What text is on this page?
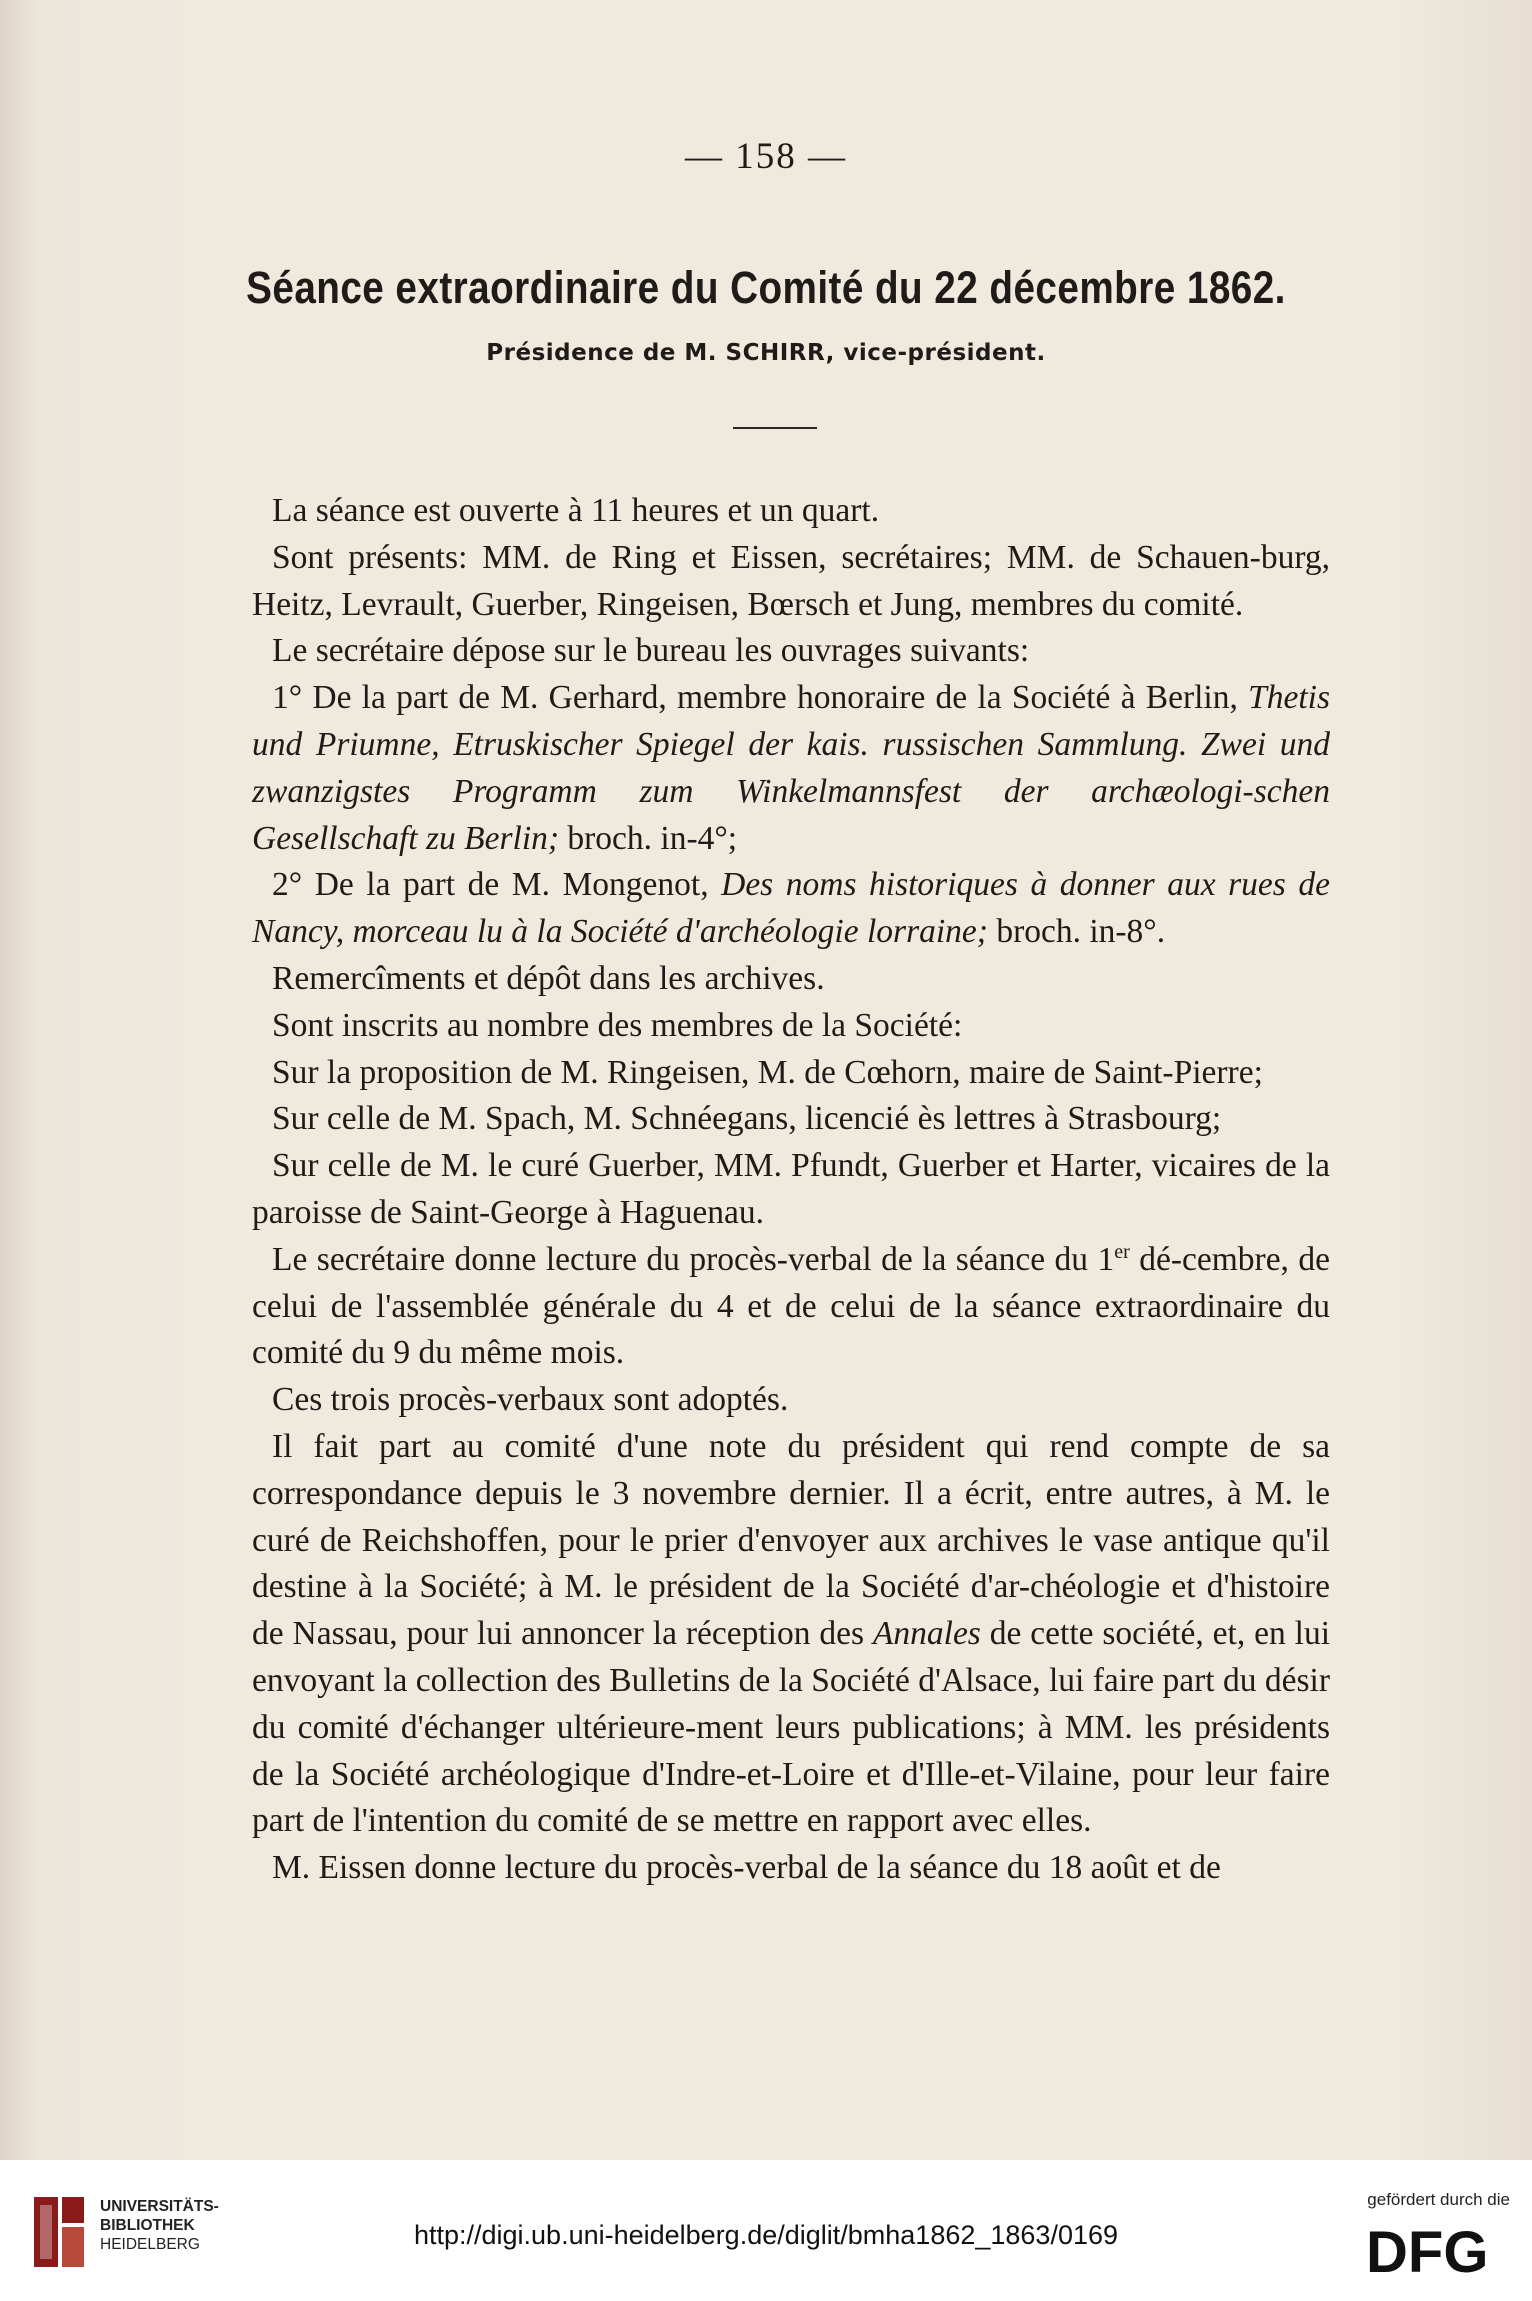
— 158 —
Séance extraordinaire du Comité du 22 décembre 1862.
Présidence de M. SCHIRR, vice-président.

La séance est ouverte à 11 heures et un quart.

Sont présents: MM. de Ring et Eissen, secrétaires; MM. de Schauen-burg, Heitz, Levrault, Guerber, Ringeisen, Bœrsch et Jung, membres du comité.

Le secrétaire dépose sur le bureau les ouvrages suivants:

1° De la part de M. Gerhard, membre honoraire de la Société à Berlin, Thetis und Priumne, Etruskischer Spiegel der kais. russischen Sammlung. Zwei und zwanzigstes Programm zum Winkelmannsfest der archæologi-schen Gesellschaft zu Berlin; broch. in-4°;

2° De la part de M. Mongenot, Des noms historiques à donner aux rues de Nancy, morceau lu à la Société d'archéologie lorraine; broch. in-8°.

Remercîments et dépôt dans les archives.

Sont inscrits au nombre des membres de la Société:

Sur la proposition de M. Ringeisen, M. de Cœhorn, maire de Saint-Pierre;

Sur celle de M. Spach, M. Schnéegans, licencié ès lettres à Strasbourg;

Sur celle de M. le curé Guerber, MM. Pfundt, Guerber et Harter, vicaires de la paroisse de Saint-George à Haguenau.

Le secrétaire donne lecture du procès-verbal de la séance du 1er dé-cembre, de celui de l'assemblée générale du 4 et de celui de la séance extraordinaire du comité du 9 du même mois.

Ces trois procès-verbaux sont adoptés.

Il fait part au comité d'une note du président qui rend compte de sa correspondance depuis le 3 novembre dernier. Il a écrit, entre autres, à M. le curé de Reichshoffen, pour le prier d'envoyer aux archives le vase antique qu'il destine à la Société; à M. le président de la Société d'ar-chéologie et d'histoire de Nassau, pour lui annoncer la réception des Annales de cette société, et, en lui envoyant la collection des Bulletins de la Société d'Alsace, lui faire part du désir du comité d'échanger ultérieure-ment leurs publications; à MM. les présidents de la Société archéologique d'Indre-et-Loire et d'Ille-et-Vilaine, pour leur faire part de l'intention du comité de se mettre en rapport avec elles.

M. Eissen donne lecture du procès-verbal de la séance du 18 août et de

UNIVERSITÄTS-
BIBLIOTHEK
HEIDELBERG	http://digi.ub.uni-heidelberg.de/diglit/bmha1862_1863/0169
gefördert durch die
DFG
